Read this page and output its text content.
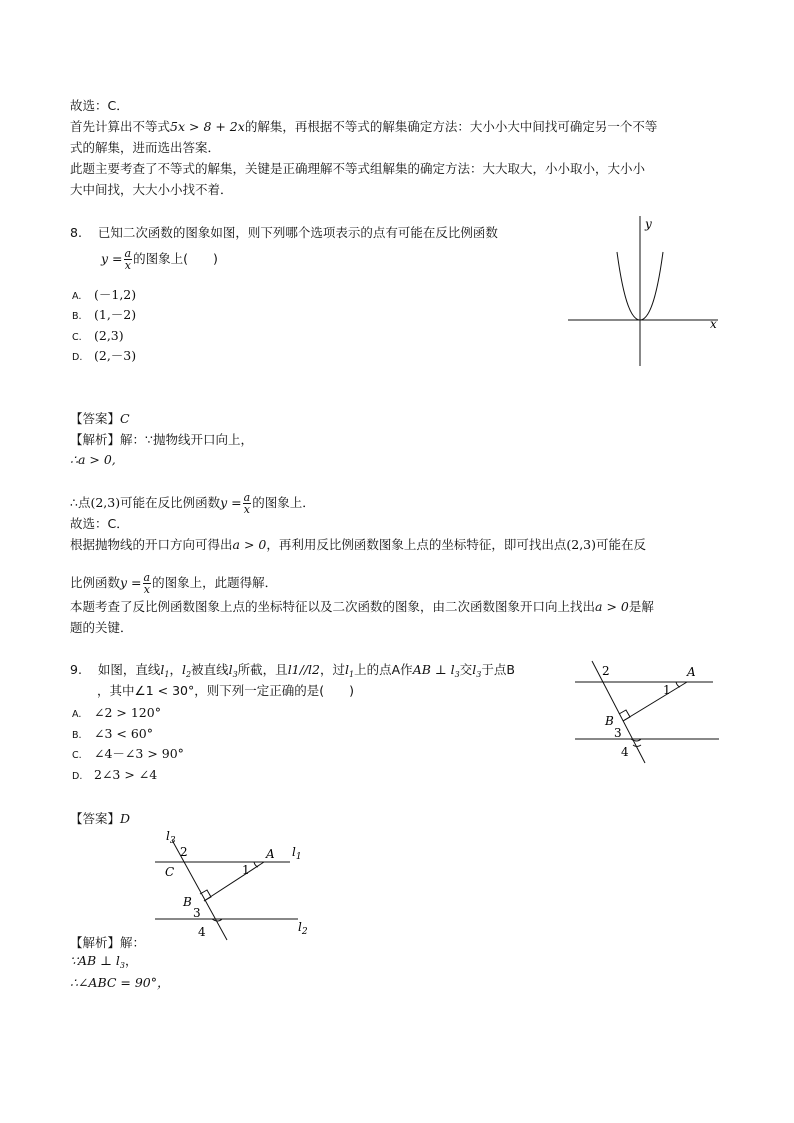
故选：C．
首先计算出不等式5x > 8 + 2x的解集，再根据不等式的解集确定方法：大小小大中间找可确定另一个不等
式的解集，进而选出答案．
此题主要考查了不等式的解集，关键是正确理解不等式组解集的确定方法：大大取大，小小取小，大小小
大中间找，大大小小找不着．
8. 已知二次函数的图象如图，则下列哪个选项表示的点有可能在反比例函数
$y = \frac{a}{x}$ 的图象上(　　)
A. (－1,2)
B. (1,－2)
C. (2,3)
D. (2,－3)
y
x
【答案】C
【解析】解：∵抛物线开口向上，
∴a > 0,
∴点(2,3)可能在反比例函数$y = \frac{a}{x}$ 的图象上．
故选：C．
根据抛物线的开口方向可得出a > 0，再利用反比例函数图象上点的坐标特征，即可找出点(2,3)可能在反
比例函数$y = \frac{a}{x}$ 的图象上，此题得解．
本题考查了反比例函数图象上点的坐标特征以及二次函数的图象，由二次函数图象开口向上找出a > 0是解
题的关键．
9. 如图，直线$l_1$，$l_2$被直线$l_3$所截，且l1//l2，过$l_1$上的点A作AB ⊥ $l_3$交$l_3$于点B
，其中∠1 < 30°，则下列一定正确的是(　　)
A. ∠2 > 120°
B. ∠3 < 60°
C. ∠4－∠3 > 90°
D. 2∠3 > ∠4
2	A
1
B
3
4
【答案】D
$l_3$
2	A $l_1$
C	1
B
3
4	$l_2$
【解析】解：
∵AB ⊥ $l_3$，
∴∠ABC = 90°，
